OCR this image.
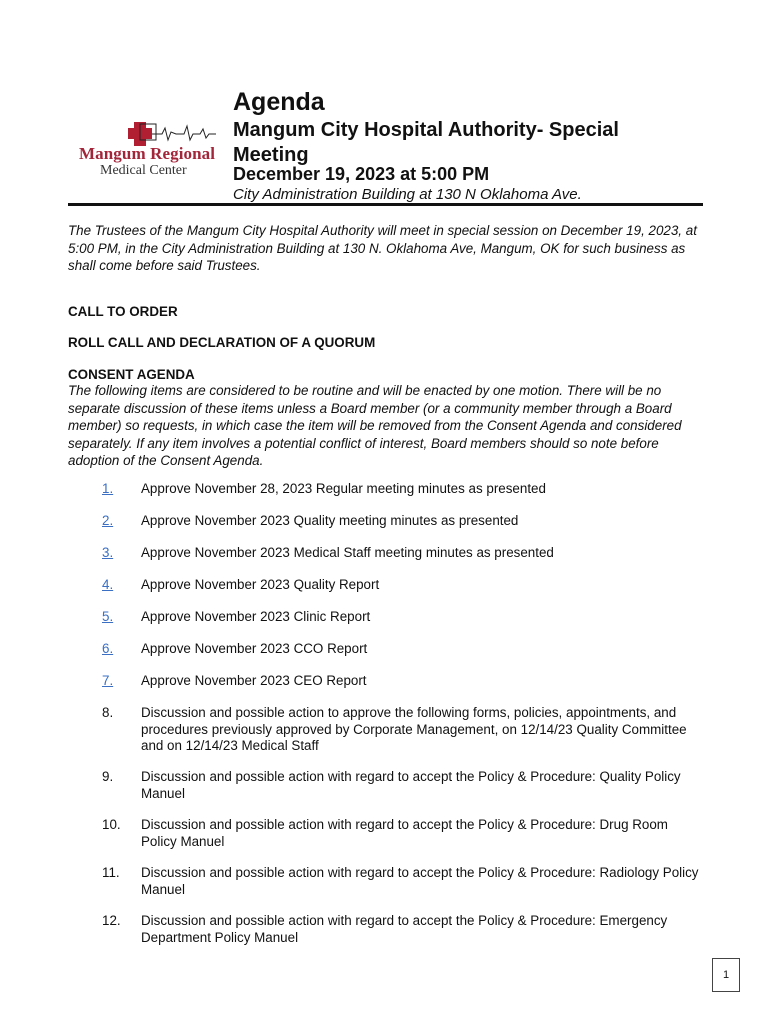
Mangum Regional
Medical Center
Agenda
Mangum City Hospital Authority- Special Meeting
December 19, 2023 at 5:00 PM
City Administration Building at 130 N Oklahoma Ave.
The Trustees of the Mangum City Hospital Authority will meet in special session on December 19, 2023, at 5:00 PM, in the City Administration Building at 130 N. Oklahoma Ave, Mangum, OK for such business as shall come before said Trustees.
CALL TO ORDER
ROLL CALL AND DECLARATION OF A QUORUM
CONSENT AGENDA
The following items are considered to be routine and will be enacted by one motion. There will be no separate discussion of these items unless a Board member (or a community member through a Board member) so requests, in which case the item will be removed from the Consent Agenda and considered separately. If any item involves a potential conflict of interest, Board members should so note before adoption of the Consent Agenda.
1. Approve November 28, 2023 Regular meeting minutes as presented
2. Approve November 2023 Quality meeting minutes as presented
3. Approve November 2023 Medical Staff meeting minutes as presented
4. Approve November 2023 Quality Report
5. Approve November 2023 Clinic Report
6. Approve November 2023 CCO Report
7. Approve November 2023 CEO Report
8. Discussion and possible action to approve the following forms, policies, appointments, and procedures previously approved by Corporate Management, on 12/14/23 Quality Committee and on 12/14/23 Medical Staff
9. Discussion and possible action with regard to accept the Policy & Procedure: Quality Policy Manuel
10. Discussion and possible action with regard to accept the Policy & Procedure: Drug Room Policy Manuel
11. Discussion and possible action with regard to accept the Policy & Procedure: Radiology Policy Manuel
12. Discussion and possible action with regard to accept the Policy & Procedure: Emergency Department Policy Manuel
1
